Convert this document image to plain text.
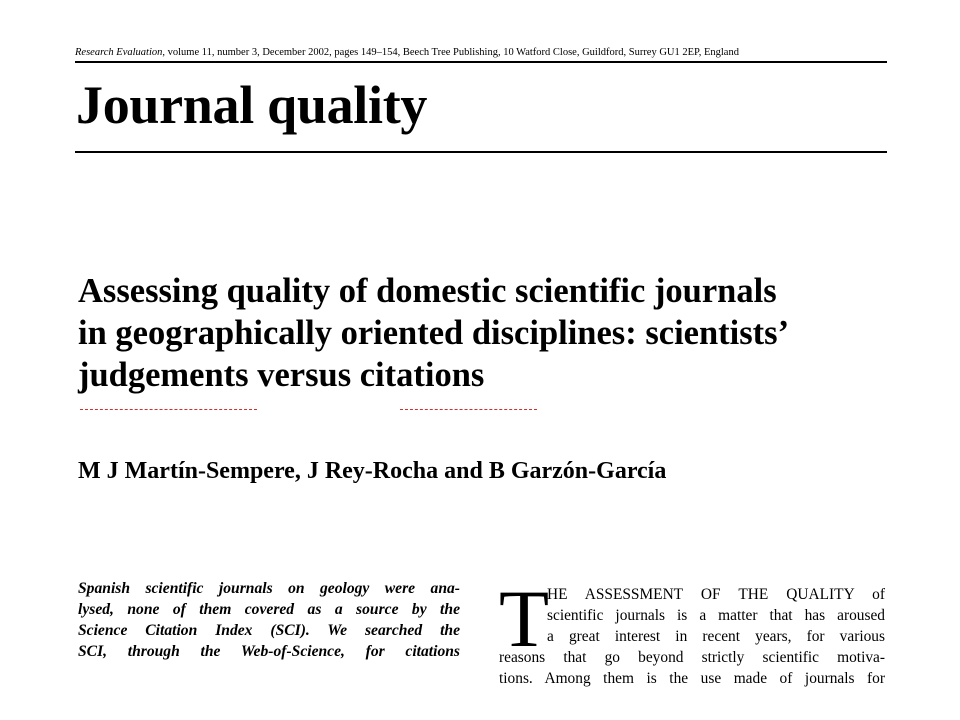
Research Evaluation, volume 11, number 3, December 2002, pages 149–154, Beech Tree Publishing, 10 Watford Close, Guildford, Surrey GU1 2EP, England
Journal quality
Assessing quality of domestic scientific journals
in geographically oriented disciplines: scientists’
judgements versus citations
M J Martín-Sempere, J Rey-Rocha and B Garzón-García
Spanish scientific journals on geology were ana-
lysed, none of them covered as a source by the
Science Citation Index (SCI). We searched the
SCI, through the Web-of-Science, for citations T
HE ASSESSMENT OF THE QUALITY of
scientific journals is a matter that has aroused
a great interest in recent years, for various
reasons that go beyond strictly scientific motiva-
tions. Among them is the use made of journals for
